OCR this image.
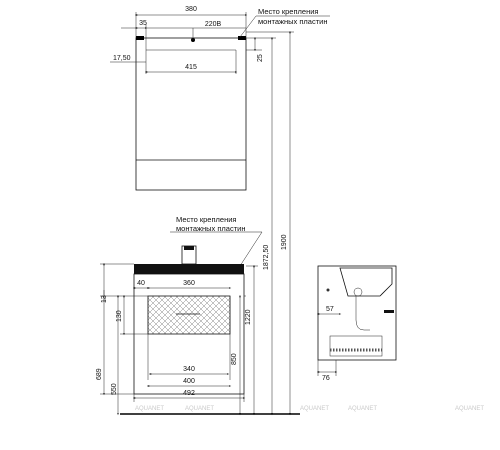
380
35	220В
17,50
415
25
Место крепления
монтажных пластин
1872,50
1900
1220
850
Место крепления
монтажных пластин
40	360
13
130
340
400
492
689
550
57
76
AQUANET	AQUANET	AQUANET	AQUANET	AQUANET
